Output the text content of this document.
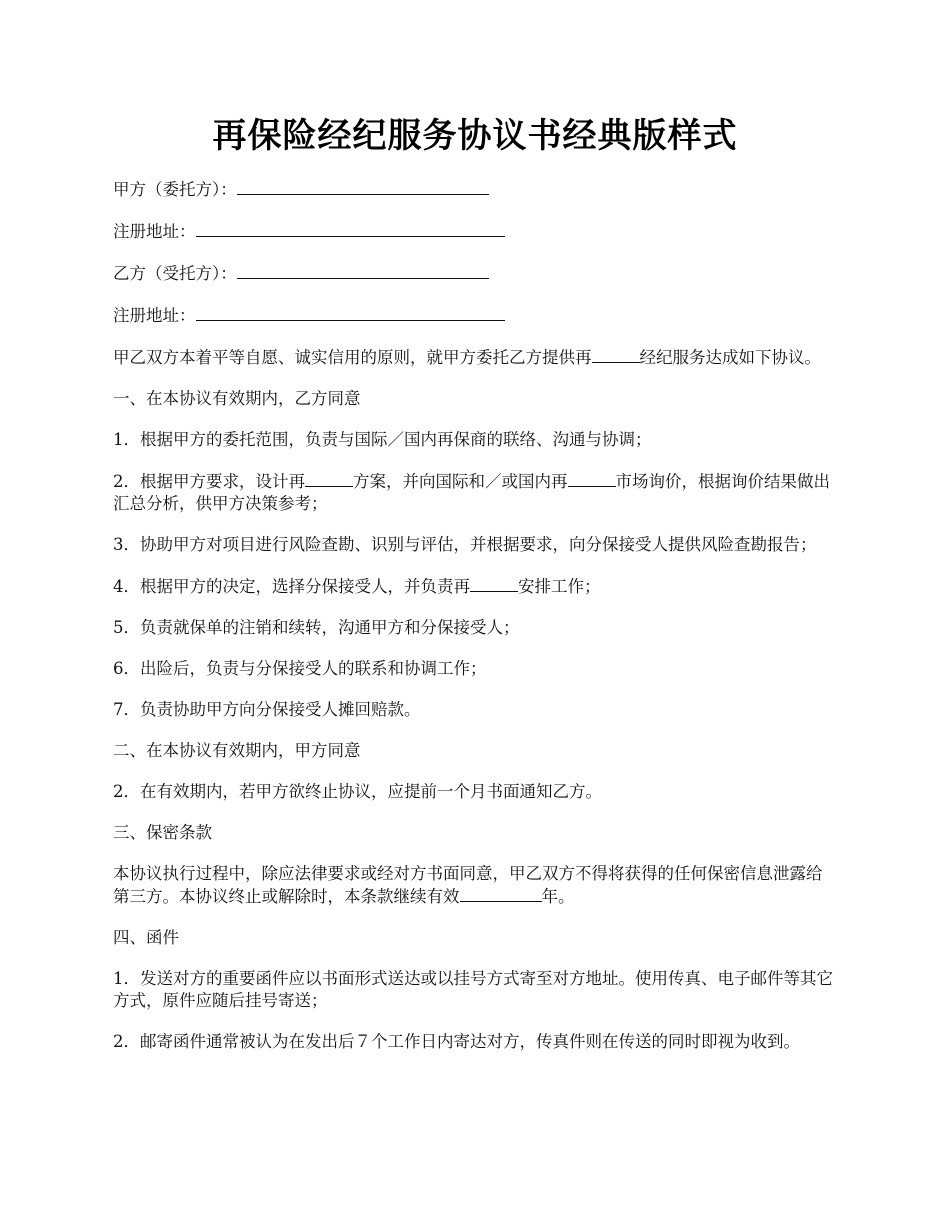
再保险经纪服务协议书经典版样式
甲方（委托方）：
注册地址：
乙方（受托方）：
注册地址：
甲乙双方本着平等自愿、诚实信用的原则，就甲方委托乙方提供再	经纪服务达成如下协议。
一、在本协议有效期内，乙方同意
1．根据甲方的委托范围，负责与国际／国内再保商的联络、沟通与协调；
2．根据甲方要求，设计再	方案，并向国际和／或国内再	市场询价，根据询价结果做出汇总分析，供甲方决策参考；
3．协助甲方对项目进行风险查勘、识别与评估，并根据要求，向分保接受人提供风险查勘报告；
4．根据甲方的决定，选择分保接受人，并负责再	安排工作；
5．负责就保单的注销和续转，沟通甲方和分保接受人；
6．出险后，负责与分保接受人的联系和协调工作；
7．负责协助甲方向分保接受人摊回赔款。
二、在本协议有效期内，甲方同意
2．在有效期内，若甲方欲终止协议，应提前一个月书面通知乙方。
三、保密条款
本协议执行过程中，除应法律要求或经对方书面同意，甲乙双方不得将获得的任何保密信息泄露给第三方。本协议终止或解除时，本条款继续有效	年。
四、函件
1．发送对方的重要函件应以书面形式送达或以挂号方式寄至对方地址。使用传真、电子邮件等其它方式，原件应随后挂号寄送；
2．邮寄函件通常被认为在发出后７个工作日内寄达对方，传真件则在传送的同时即视为收到。
